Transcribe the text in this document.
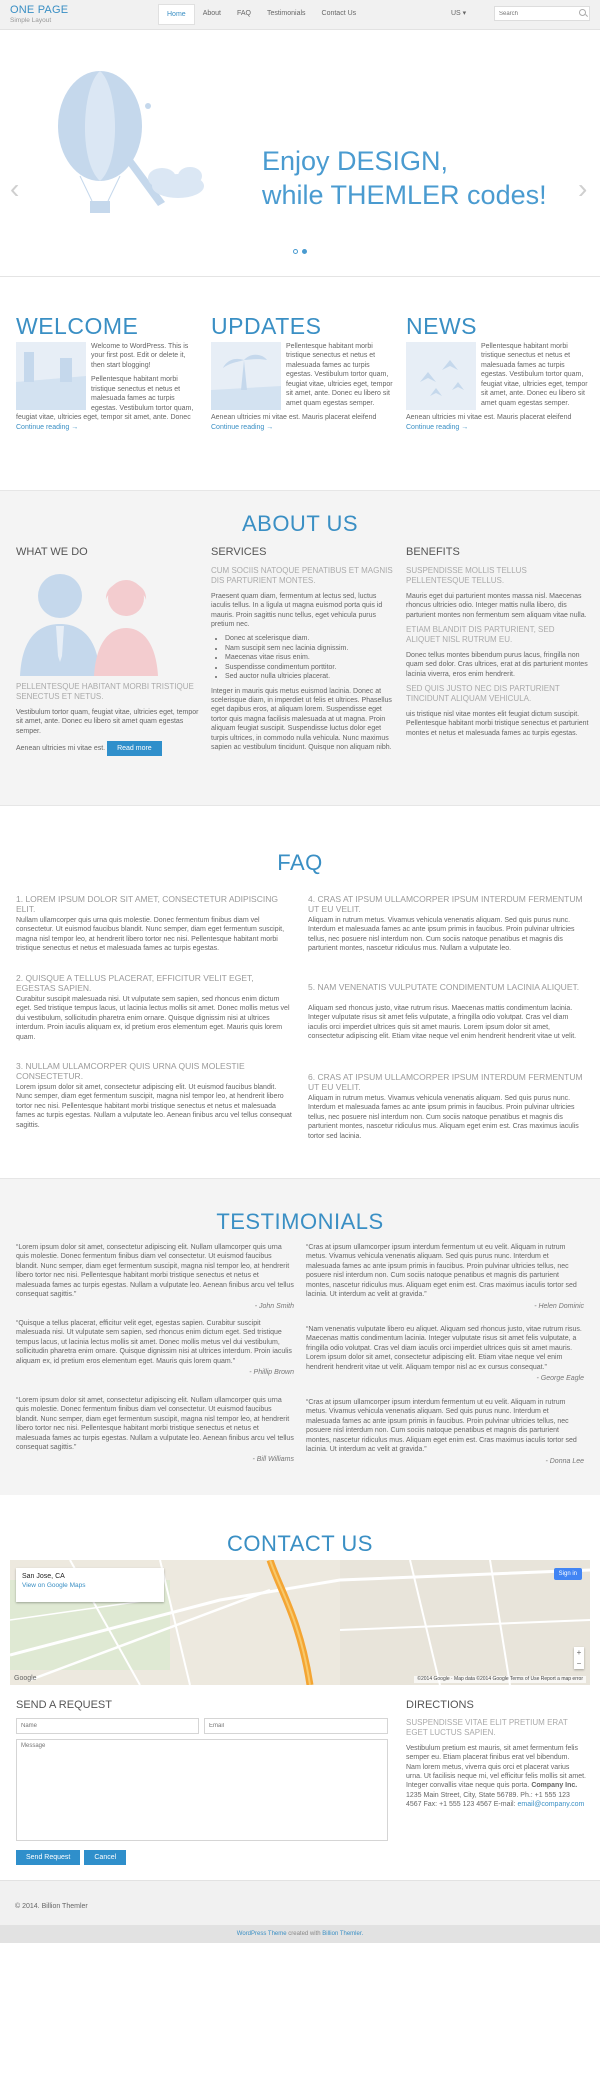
ONE PAGE
Simple Layout
Home	About	FAQ	Testimonials	Contact Us	US ▾
Search
‹
Enjoy DESIGN,
while THEMLER codes! ›
WELCOME

Welcome to WordPress. This is your first post. Edit or delete it, then start blogging!

Pellentesque habitant morbi tristique senectus et netus et malesuada fames ac turpis egestas. Vestibulum tortor quam, feugiat vitae, ultricies eget, tempor sit amet, ante. Donec Continue reading →

UPDATES

Pellentesque habitant morbi tristique senectus et netus et malesuada fames ac turpis egestas. Vestibulum tortor quam, feugiat vitae, ultricies eget, tempor sit amet, ante. Donec eu libero sit amet quam egestas semper.

Aenean ultricies mi vitae est. Mauris placerat eleifend Continue reading →

NEWS

Pellentesque habitant morbi tristique senectus et netus et malesuada fames ac turpis egestas. Vestibulum tortor quam, feugiat vitae, ultricies eget, tempor sit amet, ante. Donec eu libero sit amet quam egestas semper.

Aenean ultricies mi vitae est. Mauris placerat eleifend Continue reading →

ABOUT US
WHAT WE DO
PELLENTESQUE HABITANT MORBI TRISTIQUE SENECTUS ET NETUS.

Vestibulum tortor quam, feugiat vitae, ultricies eget, tempor sit amet, ante. Donec eu libero sit amet quam egestas semper.

Aenean ultricies mi vitae est. Read more

SERVICES
CUM SOCIIS NATOQUE PENATIBUS ET MAGNIS DIS PARTURIENT MONTES.

Praesent quam diam, fermentum at lectus sed, luctus iaculis tellus. In a ligula ut magna euismod porta quis id mauris. Proin sagittis nunc tellus, eget vehicula purus pretium nec.

• Donec at scelerisque diam.
• Nam suscipit sem nec lacinia dignissim.
• Maecenas vitae risus enim.
• Suspendisse condimentum porttitor.
• Sed auctor nulla ultricies placerat.

Integer in mauris quis metus euismod lacinia. Donec at scelerisque diam, in imperdiet ut felis et ultrices. Phasellus eget dapibus eros, at aliquam lorem. Suspendisse eget tortor quis magna facilisis malesuada at ut magna. Proin aliquam feugiat suscipit. Suspendisse luctus dolor eget turpis ultrices, in commodo nulla vehicula. Nunc maximus sapien ac vestibulum tincidunt. Quisque non aliquam nibh.

BENEFITS
SUSPENDISSE MOLLIS TELLUS PELLENTESQUE TELLUS.

Mauris eget dui parturient montes massa nisl. Maecenas rhoncus ultricies odio. Integer mattis nulla libero, dis parturient montes non fermentum sem aliquam vitae nulla.

ETIAM BLANDIT DIS PARTURIENT, SED ALIQUET NISL RUTRUM EU.

Donec tellus montes bibendum purus lacus, fringilla non quam sed dolor. Cras ultrices, erat at dis parturient montes lacinia viverra, eros enim hendrerit.

SED QUIS JUSTO NEC DIS PARTURIENT TINCIDUNT ALIQUAM VEHICULA.

uis tristique nisl vitae montes elit feugiat dictum suscipit. Pellentesque habitant morbi tristique senectus et parturient montes et netus et malesuada fames ac turpis egestas.

FAQ
1. LOREM IPSUM DOLOR SIT AMET, CONSECTETUR ADIPISCING ELIT.

Nullam ullamcorper quis urna quis molestie. Donec fermentum finibus diam vel consectetur. Ut euismod faucibus blandit. Nunc semper, diam eget fermentum suscipit, magna nisl tempor leo, at hendrerit libero tortor nec nisi. Pellentesque habitant morbi tristique senectus et netus et malesuada fames ac turpis egestas.

2. QUISQUE A TELLUS PLACERAT, EFFICITUR VELIT EGET, EGESTAS SAPIEN.

Curabitur suscipit malesuada nisi. Ut vulputate sem sapien, sed rhoncus enim dictum eget. Sed tristique tempus lacus, ut lacinia lectus mollis sit amet. Donec mollis metus vel dui vestibulum, sollicitudin pharetra enim ornare. Quisque dignissim nisi at ultrices interdum. Proin iaculis aliquam ex, id pretium eros elementum eget. Mauris quis lorem quam.

3. NULLAM ULLAMCORPER QUIS URNA QUIS MOLESTIE CONSECTETUR.

Lorem ipsum dolor sit amet, consectetur adipiscing elit. Ut euismod faucibus blandit. Nunc semper, diam eget fermentum suscipit, magna nisl tempor leo, at hendrerit libero tortor nec nisi. Pellentesque habitant morbi tristique senectus et netus et malesuada fames ac turpis egestas. Nullam a vulputate leo. Aenean finibus arcu vel tellus consequat sagittis.

4. CRAS AT IPSUM ULLAMCORPER IPSUM INTERDUM FERMENTUM UT EU VELIT.

Aliquam in rutrum metus. Vivamus vehicula venenatis aliquam. Sed quis purus nunc. Interdum et malesuada fames ac ante ipsum primis in faucibus. Proin pulvinar ultricies tellus, nec posuere nisl interdum non. Cum sociis natoque penatibus et magnis dis parturient montes, nascetur ridiculus mus. Nullam a vulputate leo.

5. NAM VENENATIS VULPUTATE CONDIMENTUM LACINIA ALIQUET.

Aliquam sed rhoncus justo, vitae rutrum risus. Maecenas mattis condimentum lacinia. Integer vulputate risus sit amet felis vulputate, a fringilla odio volutpat. Cras vel diam iaculis orci imperdiet ultrices quis sit amet mauris. Lorem ipsum dolor sit amet, consectetur adipiscing elit. Etiam vitae neque vel enim hendrerit hendrerit vitae ut velit.

6. CRAS AT IPSUM ULLAMCORPER IPSUM INTERDUM FERMENTUM UT EU VELIT.

Aliquam in rutrum metus. Vivamus vehicula venenatis aliquam. Sed quis purus nunc. Interdum et malesuada fames ac ante ipsum primis in faucibus. Proin pulvinar ultricies tellus, nec posuere nisl interdum non. Cum sociis natoque penatibus et magnis dis parturient montes, nascetur ridiculus mus. Aliquam eget enim est. Cras maximus iaculis tortor sed lacinia.

TESTIMONIALS

“Lorem ipsum dolor sit amet, consectetur adipiscing elit. Nullam ullamcorper quis urna quis molestie. Donec fermentum finibus diam vel consectetur. Ut euismod faucibus blandit. Nunc semper, diam eget fermentum suscipit, magna nisl tempor leo, at hendrerit libero tortor nec nisi. Pellentesque habitant morbi tristique senectus et netus et malesuada fames ac turpis egestas. Nullam a vulputate leo. Aenean finibus arcu vel tellus consequat sagittis.”

- John Smith

“Quisque a tellus placerat, efficitur velit eget, egestas sapien. Curabitur suscipit malesuada nisi. Ut vulputate sem sapien, sed rhoncus enim dictum eget. Sed tristique tempus lacus, ut lacinia lectus mollis sit amet. Donec mollis metus vel dui vestibulum, sollicitudin pharetra enim ornare. Quisque dignissim nisi at ultrices interdum. Proin iaculis aliquam ex, id pretium eros elementum eget. Mauris quis lorem quam.”

- Phillip Brown

“Lorem ipsum dolor sit amet, consectetur adipiscing elit. Nullam ullamcorper quis urna quis molestie. Donec fermentum finibus diam vel consectetur. Ut euismod faucibus blandit. Nunc semper, diam eget fermentum suscipit, magna nisl tempor leo, at hendrerit libero tortor nec nisi. Pellentesque habitant morbi tristique senectus et netus et malesuada fames ac turpis egestas. Nullam a vulputate leo. Aenean finibus arcu vel tellus consequat sagittis.”

- Bill Williams

“Cras at ipsum ullamcorper ipsum interdum fermentum ut eu velit. Aliquam in rutrum metus. Vivamus vehicula venenatis aliquam. Sed quis purus nunc. Interdum et malesuada fames ac ante ipsum primis in faucibus. Proin pulvinar ultricies tellus, nec posuere nisl interdum non. Cum sociis natoque penatibus et magnis dis parturient montes, nascetur ridiculus mus. Aliquam eget enim est. Cras maximus iaculis tortor sed lacinia. Ut interdum ac velit at gravida.”

- Helen Dominic

“Nam venenatis vulputate libero eu aliquet. Aliquam sed rhoncus justo, vitae rutrum risus. Maecenas mattis condimentum lacinia. Integer vulputate risus sit amet felis vulputate, a fringilla odio volutpat. Cras vel diam iaculis orci imperdiet ultrices quis sit amet mauris. Lorem ipsum dolor sit amet, consectetur adipiscing elit. Etiam vitae neque vel enim hendrerit hendrerit vitae ut velit. Aliquam tempor nisl ac ex cursus consequat.”

- George Eagle

“Cras at ipsum ullamcorper ipsum interdum fermentum ut eu velit. Aliquam in rutrum metus. Vivamus vehicula venenatis aliquam. Sed quis purus nunc. Interdum et malesuada fames ac ante ipsum primis in faucibus. Proin pulvinar ultricies tellus, nec posuere nisl interdum non. Cum sociis natoque penatibus et magnis dis parturient montes, nascetur ridiculus mus. Aliquam eget enim est. Cras maximus iaculis tortor sed lacinia. Ut interdum ac velit at gravida.”

- Donna Lee
CONTACT US
San Jose, CA
View on Google Maps
Sign in
+
−
Google	©2014 Google · Map data ©2014 Google Terms of Use Report a map error
SEND A REQUEST
Name
Email
Message
Send Request	Cancel
DIRECTIONS
SUSPENDISSE VITAE ELIT PRETIUM ERAT EGET LUCTUS SAPIEN.

Vestibulum pretium est mauris, sit amet fermentum felis semper eu. Etiam placerat finibus erat vel bibendum. Nam lorem metus, viverra quis orci et placerat varius urna. Ut facilisis neque mi, vel efficitur felis mollis sit amet. Integer convallis vitae neque quis porta. Company Inc. 1235 Main Street, City, State 56789. Ph.: +1 555 123 4567 Fax: +1 555 123 4567 E-mail: email@company.com

© 2014. Billion Themler
WordPress Theme created with Billion Themler.
